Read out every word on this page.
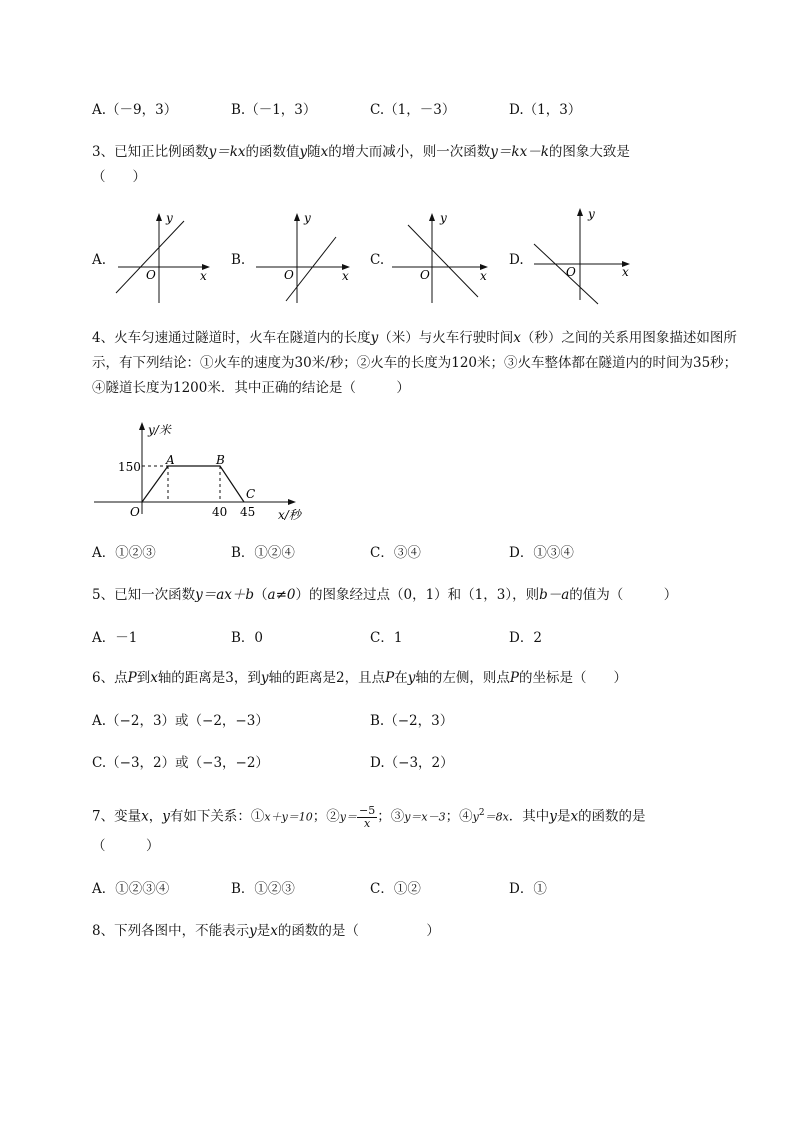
A.（－9，3）	B.（－1，3）	C.（1，－3）	D.（1，3）
3、已知正比例函数y＝kx的函数值y随x的增大而减小，则一次函数y＝kx－k的图象大致是
（　　）
A.
y
x
O
B.
y
x
O
C.
y
x
O
D.
y
x
O
4、火车匀速通过隧道时，火车在隧道内的长度y（米）与火车行驶时间x（秒）之间的关系用图象描述如图所示，有下列结论：①火车的速度为30米/秒；②火车的长度为120米；③火车整体都在隧道内的时间为35秒；④隧道长度为1200米．其中正确的结论是（　　　）
y/米
x/秒
150
O
A	B
C
40 45
A．①②③	B．①②④	C．③④	D．①③④
5、已知一次函数y＝ax＋b（a≠0）的图象经过点（0，1）和（1，3），则b－a的值为（　　　）
A．－1	B．0	C．1	D．2
6、点P到x轴的距离是3，到y轴的距离是2，且点P在y轴的左侧，则点P的坐标是（　　）
A.（−2，3）或（−2，−3）	B.（−2，3）
C.（−3，2）或（−3，−2）	D.（−3，2）
7、变量x，y有如下关系：①x＋y＝10；②y＝ $\frac{-5}{x}$ ；③y＝x－3；$④y^2=8x$．其中y是x的函数的是
（　　　）
A．①②③④	B．①②③	C．①②	D．①
8、下列各图中，不能表示y是x的函数的是（　　　　　）
